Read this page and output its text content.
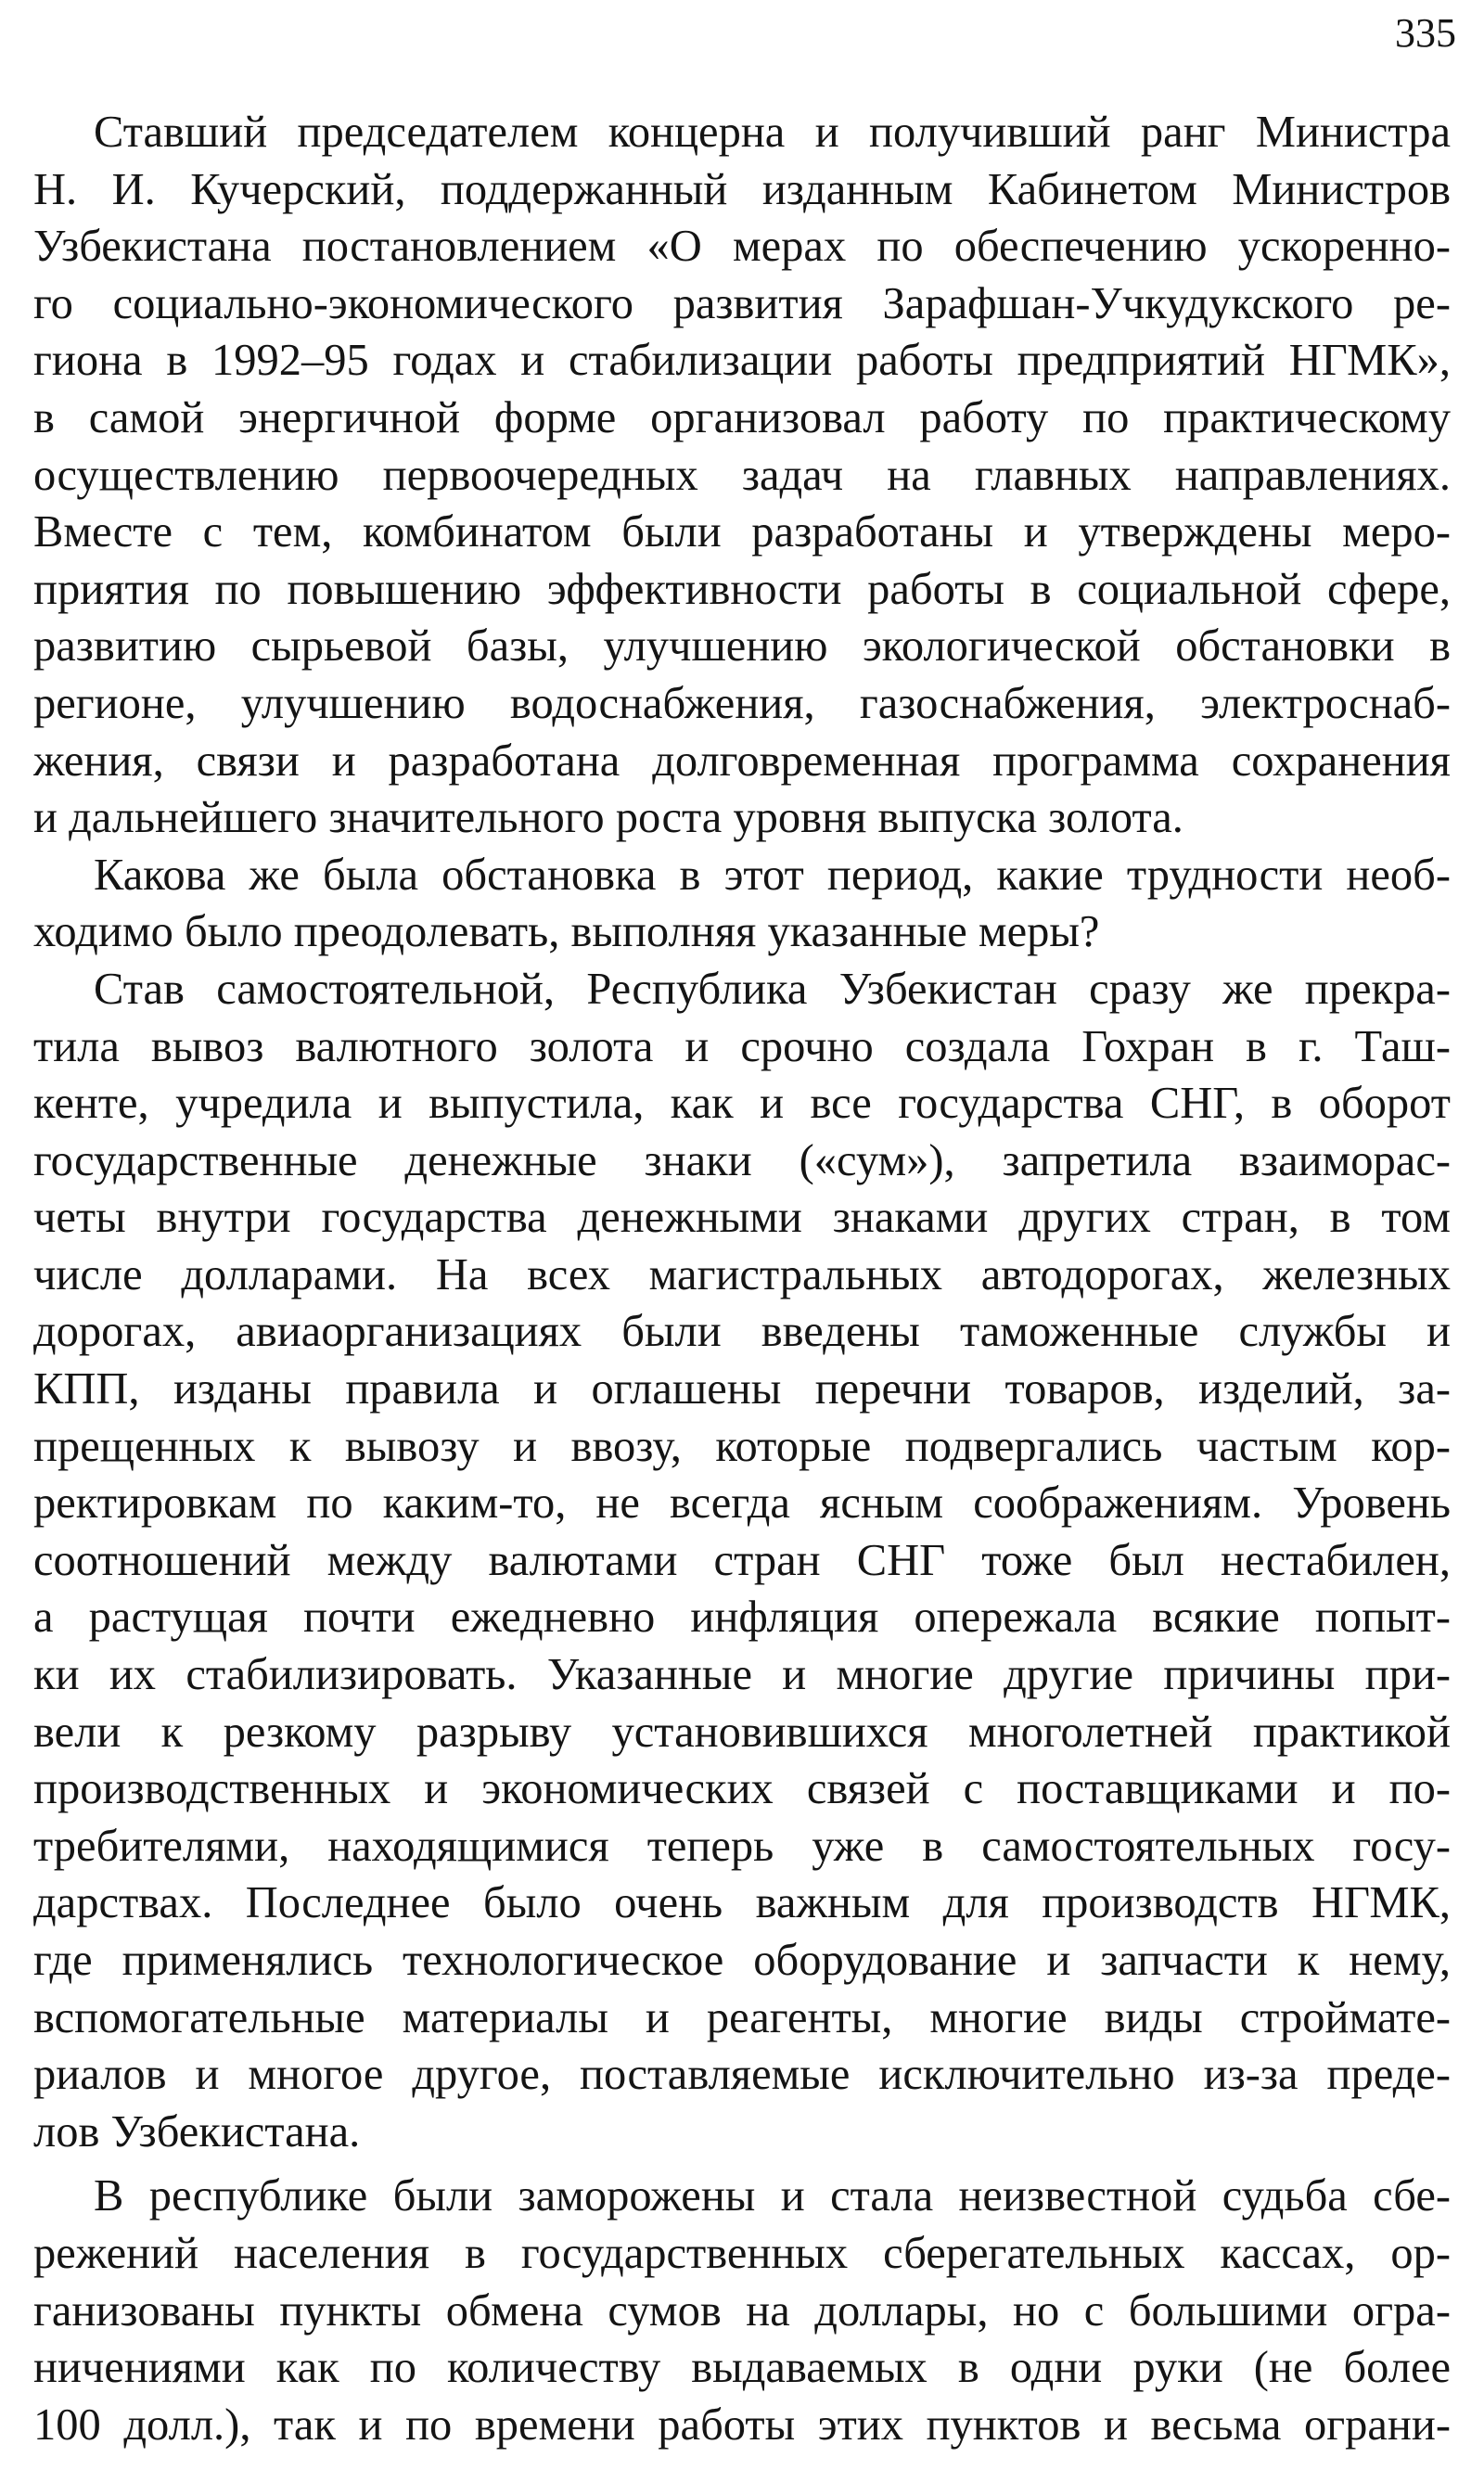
335
Ставший председателем концерна и получивший ранг Министра
Н. И. Кучерский, поддержанный изданным Кабинетом Министров
Узбекистана постановлением «О мерах по обеспечению ускоренно-
го социально-экономического развития Зарафшан-Учкудукского ре-
гиона в 1992–95 годах и стабилизации работы предприятий НГМК»,
в самой энергичной форме организовал работу по практическому
осуществлению первоочередных задач на главных направлениях.
Вместе с тем, комбинатом были разработаны и утверждены меро-
приятия по повышению эффективности работы в социальной сфере,
развитию сырьевой базы, улучшению экологической обстановки в
регионе, улучшению водоснабжения, газоснабжения, электроснаб-
жения, связи и разработана долговременная программа сохранения
и дальнейшего значительного роста уровня выпуска золота.
Какова же была обстановка в этот период, какие трудности необ-
ходимо было преодолевать, выполняя указанные меры?
Став самостоятельной, Республика Узбекистан сразу же прекра-
тила вывоз валютного золота и срочно создала Гохран в г. Таш-
кенте, учредила и выпустила, как и все государства СНГ, в оборот
государственные денежные знаки («сум»), запретила взаиморас-
четы внутри государства денежными знаками других стран, в том
числе долларами. На всех магистральных автодорогах, железных
дорогах, авиаорганизациях были введены таможенные службы и
КПП, изданы правила и оглашены перечни товаров, изделий, за-
прещенных к вывозу и ввозу, которые подвергались частым кор-
ректировкам по каким-то, не всегда ясным соображениям. Уровень
соотношений между валютами стран СНГ тоже был нестабилен,
а растущая почти ежедневно инфляция опережала всякие попыт-
ки их стабилизировать. Указанные и многие другие причины при-
вели к резкому разрыву установившихся многолетней практикой
производственных и экономических связей с поставщиками и по-
требителями, находящимися теперь уже в самостоятельных госу-
дарствах. Последнее было очень важным для производств НГМК,
где применялись технологическое оборудование и запчасти к нему,
вспомогательные материалы и реагенты, многие виды строймате-
риалов и многое другое, поставляемые исключительно из-за преде-
лов Узбекистана.
В республике были заморожены и стала неизвестной судьба сбе-
режений населения в государственных сберегательных кассах, ор-
ганизованы пункты обмена сумов на доллары, но с большими огра-
ничениями как по количеству выдаваемых в одни руки (не более
100 долл.), так и по времени работы этих пунктов и весьма ограни-
